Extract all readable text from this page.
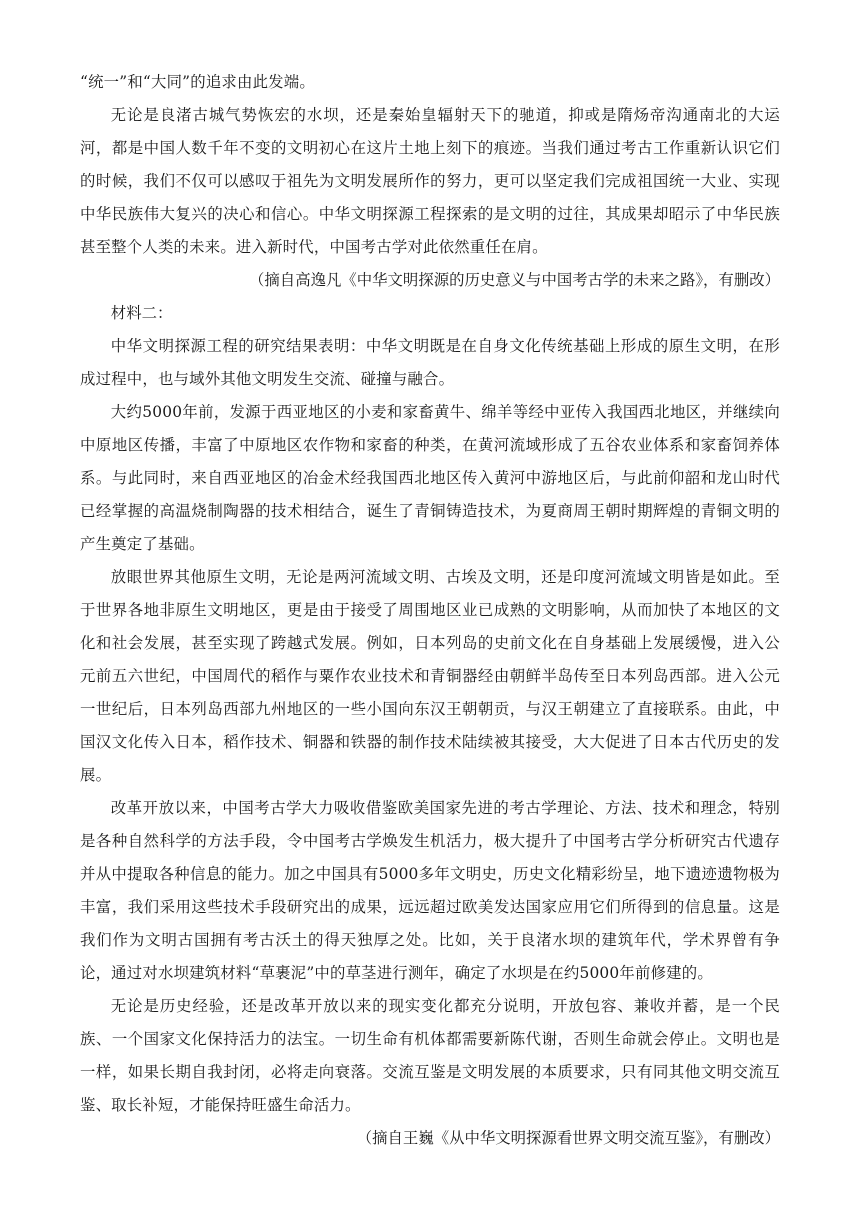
“统一”和“大同”的追求由此发端。

无论是良渚古城气势恢宏的水坝，还是秦始皇辐射天下的驰道，抑或是隋炀帝沟通南北的大运河，都是中国人数千年不变的文明初心在这片土地上刻下的痕迹。当我们通过考古工作重新认识它们的时候，我们不仅可以感叹于祖先为文明发展所作的努力，更可以坚定我们完成祖国统一大业、实现中华民族伟大复兴的决心和信心。中华文明探源工程探索的是文明的过往，其成果却昭示了中华民族甚至整个人类的未来。进入新时代，中国考古学对此依然重任在肩。

（摘自高逸凡《中华文明探源的历史意义与中国考古学的未来之路》，有删改）

材料二：

中华文明探源工程的研究结果表明：中华文明既是在自身文化传统基础上形成的原生文明，在形成过程中，也与域外其他文明发生交流、碰撞与融合。

大约5000年前，发源于西亚地区的小麦和家畜黄牛、绵羊等经中亚传入我国西北地区，并继续向中原地区传播，丰富了中原地区农作物和家畜的种类，在黄河流域形成了五谷农业体系和家畜饲养体系。与此同时，来自西亚地区的冶金术经我国西北地区传入黄河中游地区后，与此前仰韶和龙山时代已经掌握的高温烧制陶器的技术相结合，诞生了青铜铸造技术，为夏商周王朝时期辉煌的青铜文明的产生奠定了基础。

放眼世界其他原生文明，无论是两河流域文明、古埃及文明，还是印度河流域文明皆是如此。至于世界各地非原生文明地区，更是由于接受了周围地区业已成熟的文明影响，从而加快了本地区的文化和社会发展，甚至实现了跨越式发展。例如，日本列岛的史前文化在自身基础上发展缓慢，进入公元前五六世纪，中国周代的稻作与粟作农业技术和青铜器经由朝鲜半岛传至日本列岛西部。进入公元一世纪后，日本列岛西部九州地区的一些小国向东汉王朝朝贡，与汉王朝建立了直接联系。由此，中国汉文化传入日本，稻作技术、铜器和铁器的制作技术陆续被其接受，大大促进了日本古代历史的发展。

改革开放以来，中国考古学大力吸收借鉴欧美国家先进的考古学理论、方法、技术和理念，特别是各种自然科学的方法手段，令中国考古学焕发生机活力，极大提升了中国考古学分析研究古代遗存并从中提取各种信息的能力。加之中国具有5000多年文明史，历史文化精彩纷呈，地下遗迹遗物极为丰富，我们采用这些技术手段研究出的成果，远远超过欧美发达国家应用它们所得到的信息量。这是我们作为文明古国拥有考古沃土的得天独厚之处。比如，关于良渚水坝的建筑年代，学术界曾有争论，通过对水坝建筑材料“草裹泥”中的草茎进行测年，确定了水坝是在约5000年前修建的。

无论是历史经验，还是改革开放以来的现实变化都充分说明，开放包容、兼收并蓄，是一个民族、一个国家文化保持活力的法宝。一切生命有机体都需要新陈代谢，否则生命就会停止。文明也是一样，如果长期自我封闭，必将走向衰落。交流互鉴是文明发展的本质要求，只有同其他文明交流互鉴、取长补短，才能保持旺盛生命活力。

（摘自王巍《从中华文明探源看世界文明交流互鉴》，有删改）
